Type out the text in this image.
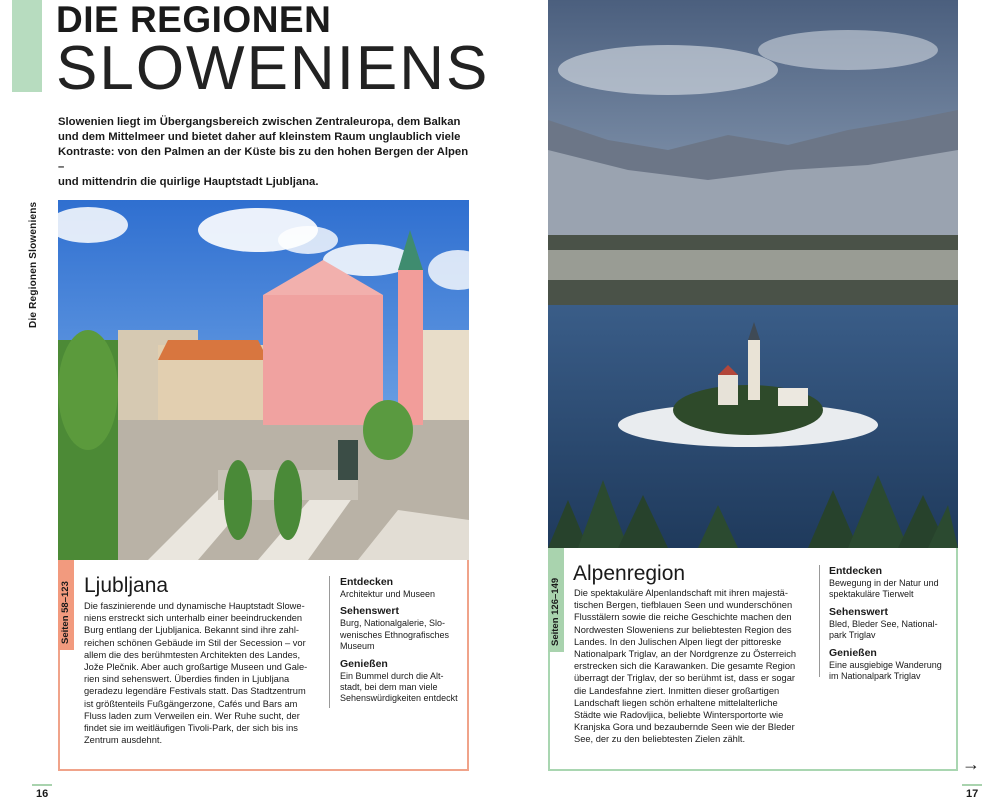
Die Regionen Sloweniens
DIE REGIONEN
SLOWENIENS
Slowenien liegt im Übergangsbereich zwischen Zentraleuropa, dem Balkan
und dem Mittelmeer und bietet daher auf kleinstem Raum unglaublich viele
Kontraste: von den Palmen an der Küste bis zu den hohen Bergen der Alpen –
und mittendrin die quirlige Hauptstadt Ljubljana.
Seiten 58–123 Ljubljana
Die faszinierende und dynamische Hauptstadt Slowe-
niens erstreckt sich unterhalb einer beeindruckenden
Burg entlang der Ljubljanica. Bekannt sind ihre zahl-
reichen schönen Gebäude im Stil der Secession – vor
allem die des berühmtesten Architekten des Landes,
Jože Plečnik. Aber auch großartige Museen und Gale-
rien sind sehenswert. Überdies finden in Ljubljana
geradezu legendäre Festivals statt. Das Stadtzentrum
ist größtenteils Fußgängerzone, Cafés und Bars am
Fluss laden zum Verweilen ein. Wer Ruhe sucht, der
findet sie im weitläufigen Tivoli-Park, der sich bis ins
Zentrum ausdehnt.
Entdecken
Architektur und Museen
Sehenswert
Burg, Nationalgalerie, Slo-
wenisches Ethnografisches
Museum
Genießen
Ein Bummel durch die Alt-
stadt, bei dem man viele
Sehenswürdigkeiten entdeckt
16
Seiten 126–149
Alpenregion
Die spektakuläre Alpenlandschaft mit ihren majestä-
tischen Bergen, tiefblauen Seen und wunderschönen
Flusstälern sowie die reiche Geschichte machen den
Nordwesten Sloweniens zur beliebtesten Region des
Landes. In den Julischen Alpen liegt der pittoreske
Nationalpark Triglav, an der Nordgrenze zu Österreich
erstrecken sich die Karawanken. Die gesamte Region
überragt der Triglav, der so berühmt ist, dass er sogar
die Landesfahne ziert. Inmitten dieser großartigen
Landschaft liegen schön erhaltene mittelalterliche
Städte wie Radovljica, beliebte Wintersportorte wie
Kranjska Gora und bezaubernde Seen wie der Bleder
See, der zu den beliebtesten Zielen zählt.
Entdecken
Bewegung in der Natur und
spektakuläre Tierwelt
Sehenswert
Bled, Bleder See, National-
park Triglav
Genießen
Eine ausgiebige Wanderung
im Nationalpark Triglav
→
17
